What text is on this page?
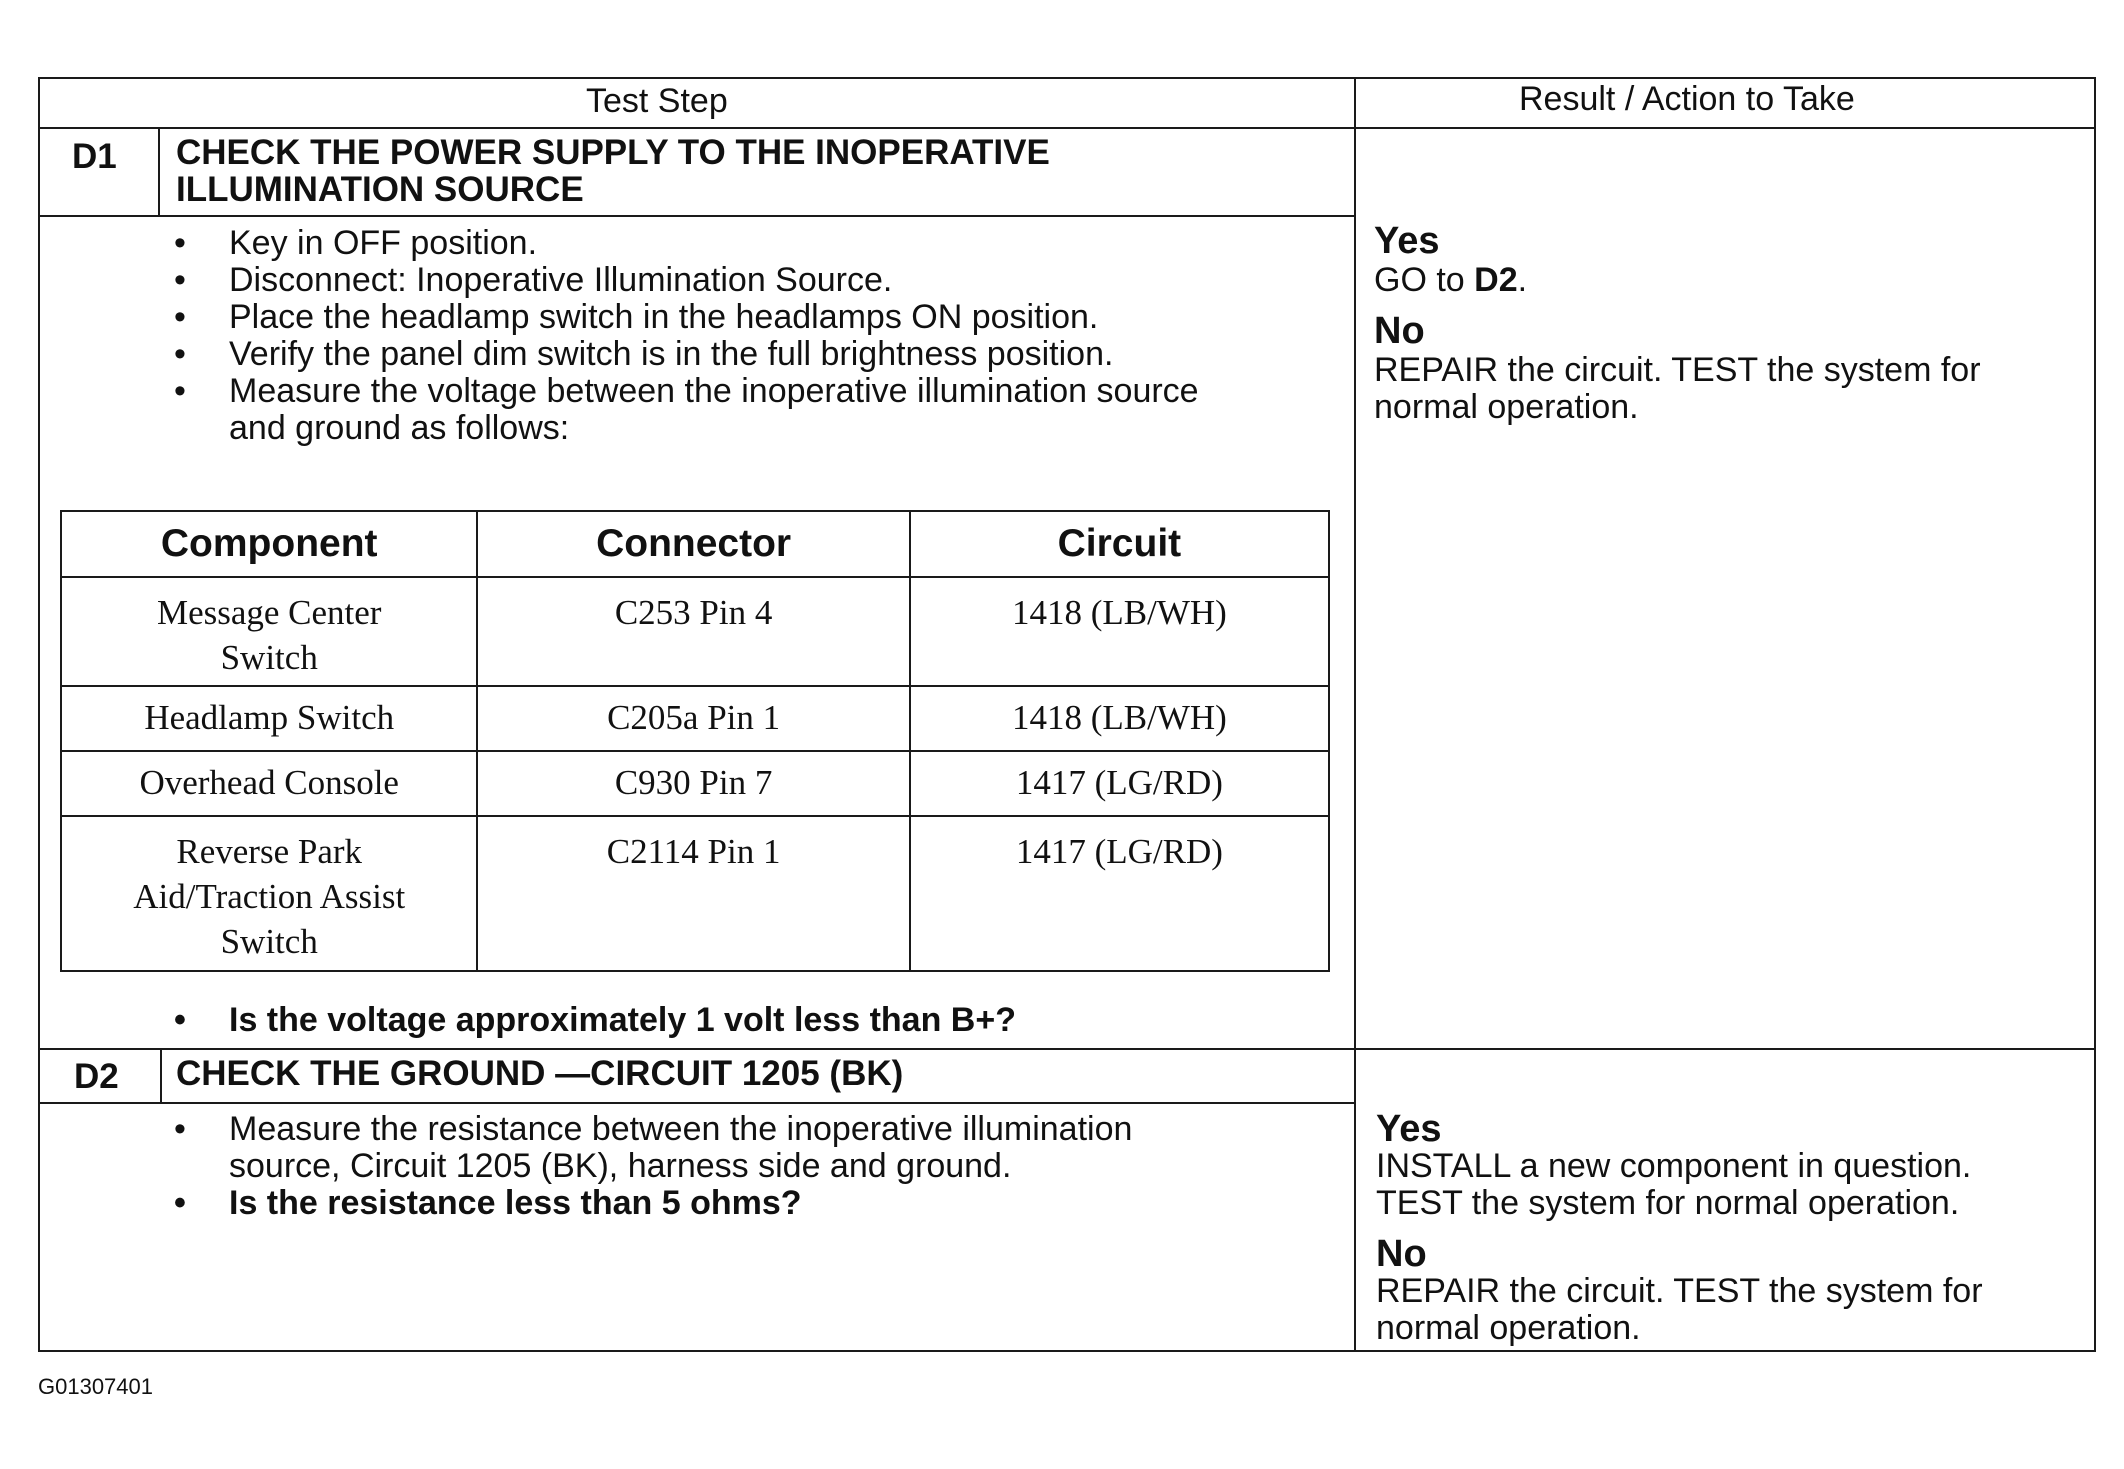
Test Step	Result / Action to Take
D1 CHECK THE POWER SUPPLY TO THE INOPERATIVE
ILLUMINATION SOURCE
• Key in OFF position.
• Disconnect: Inoperative Illumination Source.
• Place the headlamp switch in the headlamps ON position.
• Verify the panel dim switch is in the full brightness position.
• Measure the voltage between the inoperative illumination source
and ground as follows:
Component	Connector	Circuit

Message Center
Switch	C253 Pin 4	1418 (LB/WH)

Headlamp Switch	C205a Pin 1	1418 (LB/WH)

Overhead Console	C930 Pin 7	1417 (LG/RD)

Reverse Park
Aid/Traction Assist
Switch	C2114 Pin 1	1417 (LG/RD)
• Is the voltage approximately 1 volt less than B+?
Yes
GO to D2.
No
REPAIR the circuit. TEST the system for
normal operation.
D2 CHECK THE GROUND —CIRCUIT 1205 (BK)
• Measure the resistance between the inoperative illumination
source, Circuit 1205 (BK), harness side and ground.
• Is the resistance less than 5 ohms?
Yes
INSTALL a new component in question.
TEST the system for normal operation.
No
REPAIR the circuit. TEST the system for
normal operation.
G01307401
